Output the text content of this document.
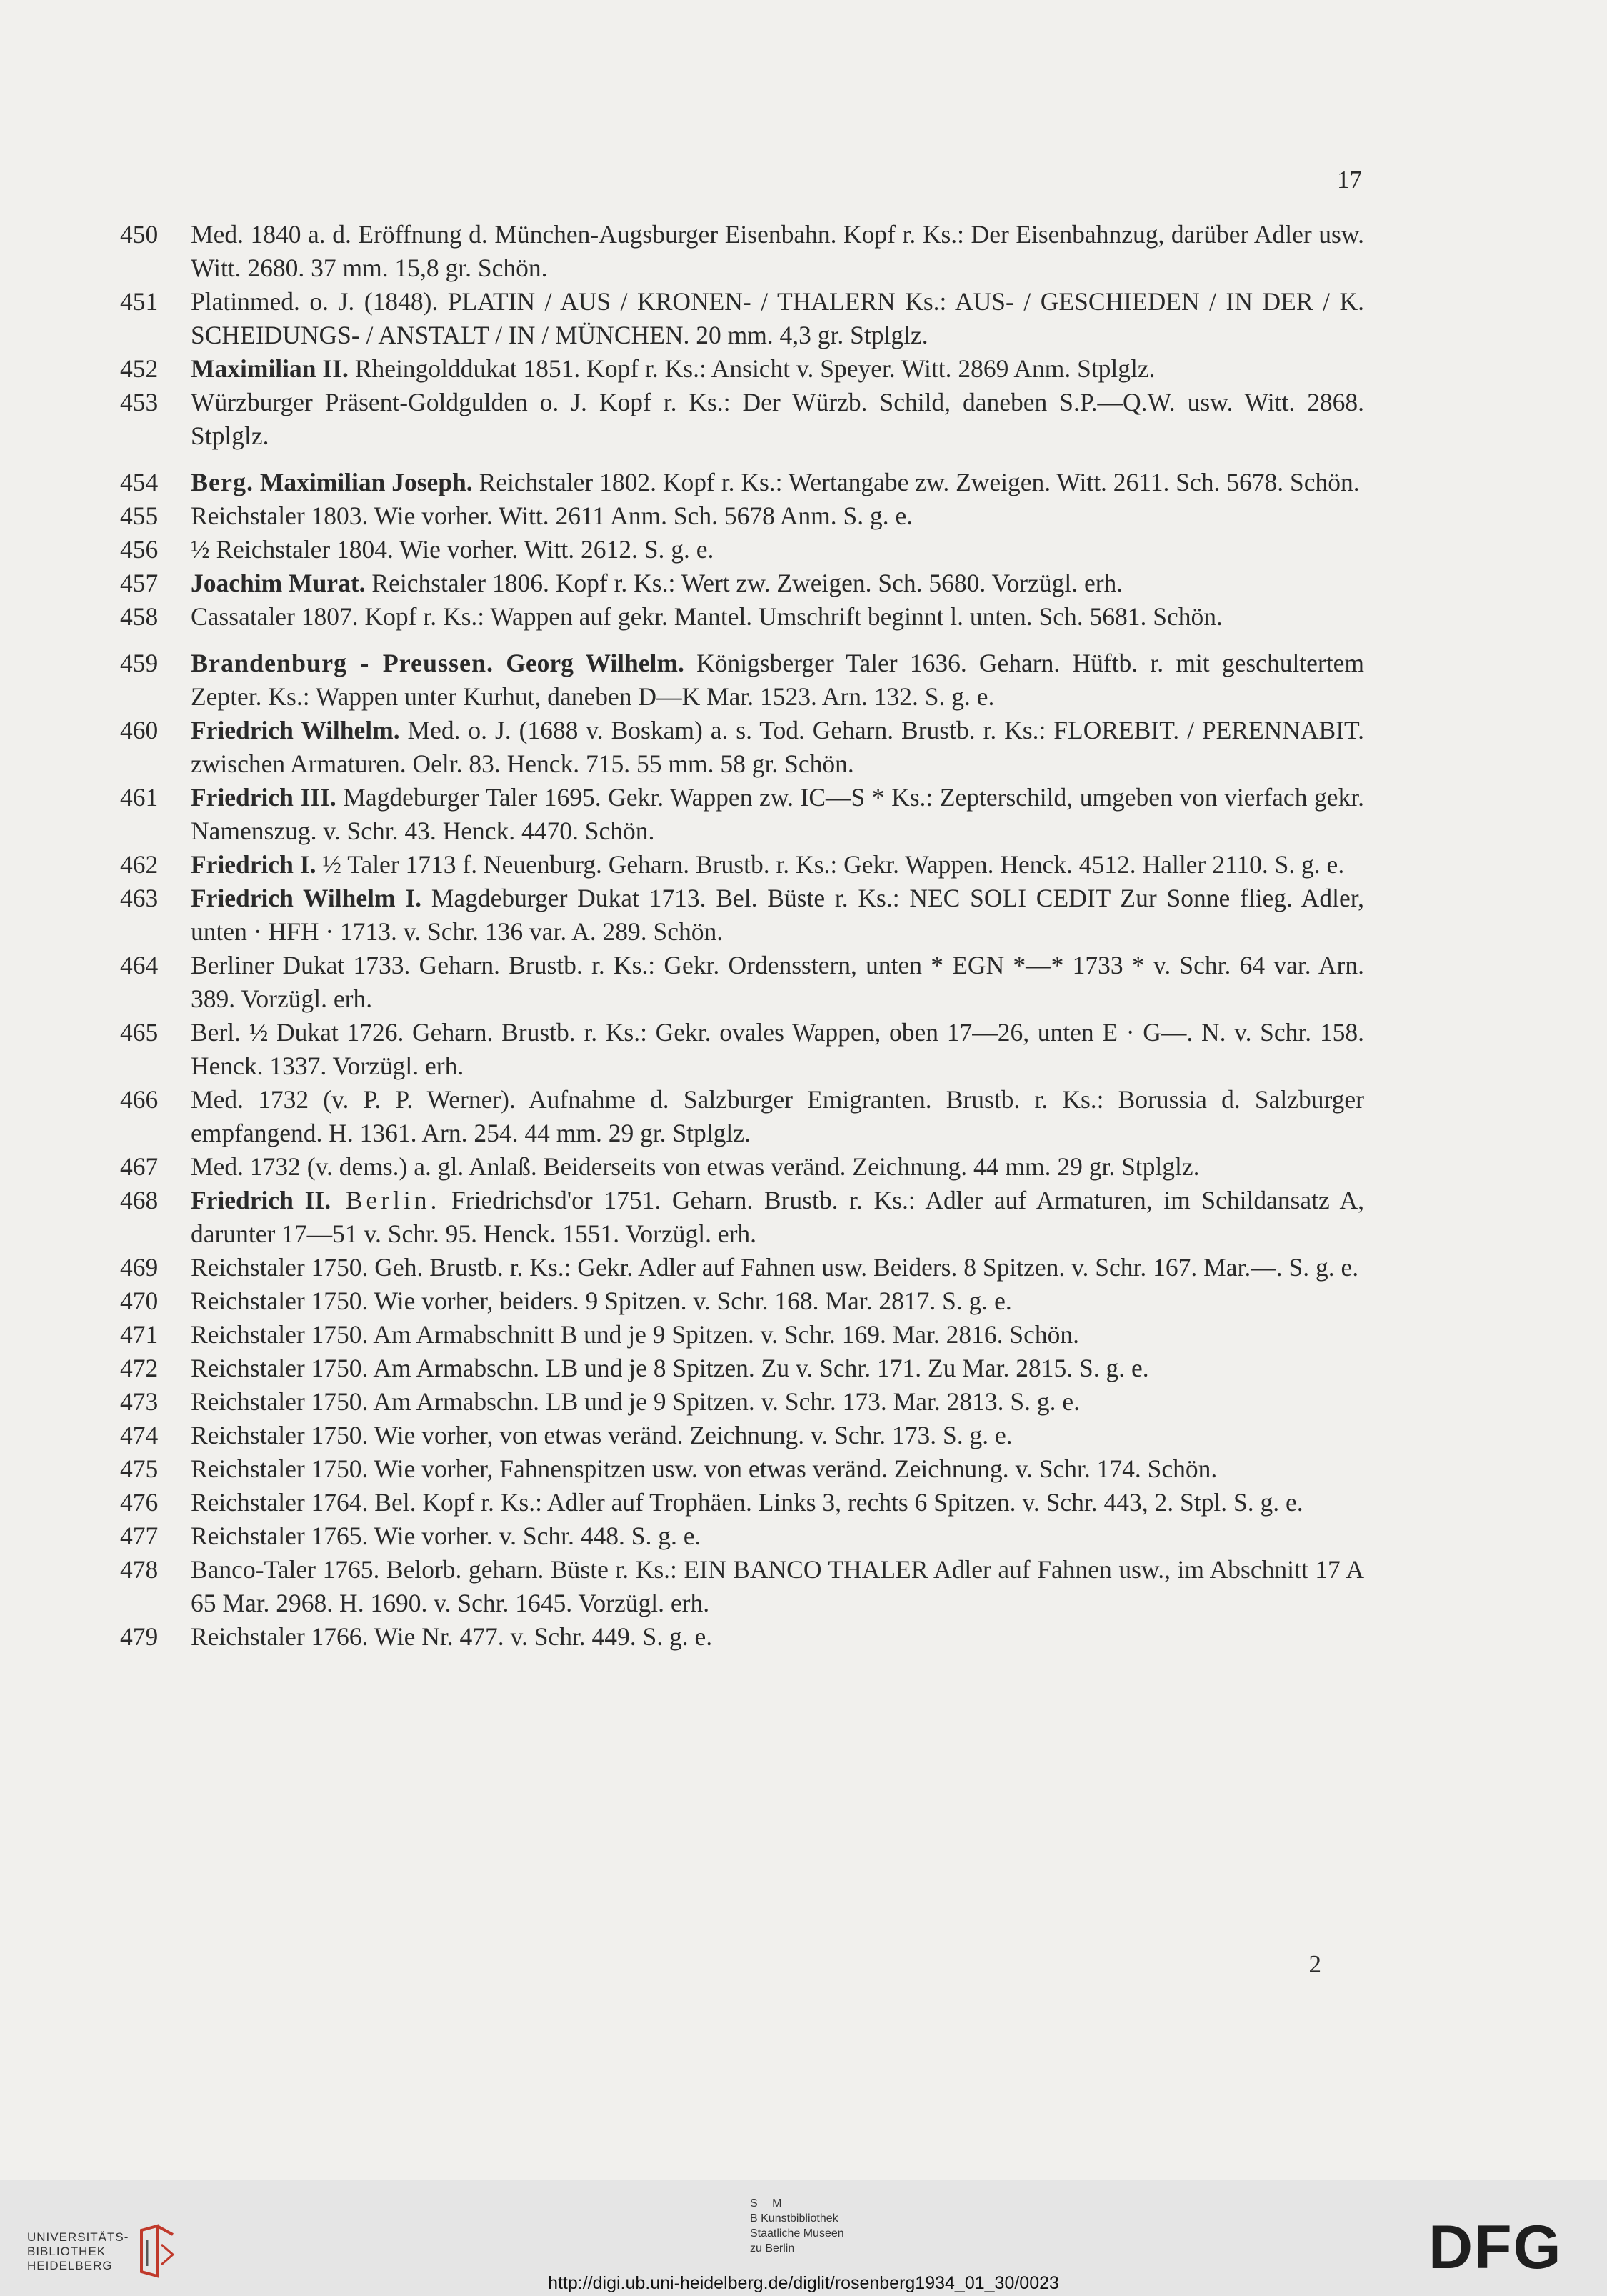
17
450	Med. 1840 a. d. Eröffnung d. München-Augsburger Eisenbahn. Kopf r. Ks.: Der Eisenbahnzug, darüber Adler usw. Witt. 2680. 37 mm. 15,8 gr. Schön.
451	Platinmed. o. J. (1848). PLATIN / AUS / KRONEN- / THALERN Ks.: AUS- / GESCHIEDEN / IN DER / K. SCHEIDUNGS- / ANSTALT / IN / MÜNCHEN. 20 mm. 4,3 gr. Stplglz.
452	Maximilian II. Rheingolddukat 1851. Kopf r. Ks.: Ansicht v. Speyer. Witt. 2869 Anm. Stplglz.
453	Würzburger Präsent-Goldgulden o. J. Kopf r. Ks.: Der Würzb. Schild, daneben S.P.—Q.W. usw. Witt. 2868. Stplglz.
454	Berg. Maximilian Joseph. Reichstaler 1802. Kopf r. Ks.: Wertangabe zw. Zweigen. Witt. 2611. Sch. 5678. Schön.
455	Reichstaler 1803. Wie vorher. Witt. 2611 Anm. Sch. 5678 Anm. S. g. e.
456	½ Reichstaler 1804. Wie vorher. Witt. 2612. S. g. e.
457	Joachim Murat. Reichstaler 1806. Kopf r. Ks.: Wert zw. Zweigen. Sch. 5680. Vorzügl. erh.
458	Cassataler 1807. Kopf r. Ks.: Wappen auf gekr. Mantel. Umschrift beginnt l. unten. Sch. 5681. Schön.
459	Brandenburg - Preussen. Georg Wilhelm. Königsberger Taler 1636. Geharn. Hüftb. r. mit geschultertem Zepter. Ks.: Wappen unter Kurhut, daneben D—K Mar. 1523. Arn. 132. S. g. e.
460	Friedrich Wilhelm. Med. o. J. (1688 v. Boskam) a. s. Tod. Geharn. Brustb. r. Ks.: FLOREBIT. / PERENNABIT. zwischen Armaturen. Oelr. 83. Henck. 715. 55 mm. 58 gr. Schön.
461	Friedrich III. Magdeburger Taler 1695. Gekr. Wappen zw. IC—S * Ks.: Zepterschild, umgeben von vierfach gekr. Namenszug. v. Schr. 43. Henck. 4470. Schön.
462	Friedrich I. ½ Taler 1713 f. Neuenburg. Geharn. Brustb. r. Ks.: Gekr. Wappen. Henck. 4512. Haller 2110. S. g. e.
463	Friedrich Wilhelm I. Magdeburger Dukat 1713. Bel. Büste r. Ks.: NEC SOLI CEDIT Zur Sonne flieg. Adler, unten · HFH · 1713. v. Schr. 136 var. A. 289. Schön.
464	Berliner Dukat 1733. Geharn. Brustb. r. Ks.: Gekr. Ordensstern, unten * EGN *—* 1733 * v. Schr. 64 var. Arn. 389. Vorzügl. erh.
465	Berl. ½ Dukat 1726. Geharn. Brustb. r. Ks.: Gekr. ovales Wappen, oben 17—26, unten E · G—. N. v. Schr. 158. Henck. 1337. Vorzügl. erh.
466	Med. 1732 (v. P. P. Werner). Aufnahme d. Salzburger Emigranten. Brustb. r. Ks.: Borussia d. Salzburger empfangend. H. 1361. Arn. 254. 44 mm. 29 gr. Stplglz.
467	Med. 1732 (v. dems.) a. gl. Anlaß. Beiderseits von etwas veränd. Zeichnung. 44 mm. 29 gr. Stplglz.
468	Friedrich II. Berlin. Friedrichsd'or 1751. Geharn. Brustb. r. Ks.: Adler auf Armaturen, im Schildansatz A, darunter 17—51 v. Schr. 95. Henck. 1551. Vorzügl. erh.
469	Reichstaler 1750. Geh. Brustb. r. Ks.: Gekr. Adler auf Fahnen usw. Beiders. 8 Spitzen. v. Schr. 167. Mar.—. S. g. e.
470	Reichstaler 1750. Wie vorher, beiders. 9 Spitzen. v. Schr. 168. Mar. 2817. S. g. e.
471	Reichstaler 1750. Am Armabschnitt B und je 9 Spitzen. v. Schr. 169. Mar. 2816. Schön.
472	Reichstaler 1750. Am Armabschn. LB und je 8 Spitzen. Zu v. Schr. 171. Zu Mar. 2815. S. g. e.
473	Reichstaler 1750. Am Armabschn. LB und je 9 Spitzen. v. Schr. 173. Mar. 2813. S. g. e.
474	Reichstaler 1750. Wie vorher, von etwas veränd. Zeichnung. v. Schr. 173. S. g. e.
475	Reichstaler 1750. Wie vorher, Fahnenspitzen usw. von etwas veränd. Zeichnung. v. Schr. 174. Schön.
476	Reichstaler 1764. Bel. Kopf r. Ks.: Adler auf Trophäen. Links 3, rechts 6 Spitzen. v. Schr. 443, 2. Stpl. S. g. e.
477	Reichstaler 1765. Wie vorher. v. Schr. 448. S. g. e.
478	Banco-Taler 1765. Belorb. geharn. Büste r. Ks.: EIN BANCO THALER Adler auf Fahnen usw., im Abschnitt 17 A 65 Mar. 2968. H. 1690. v. Schr. 1645. Vorzügl. erh.
479	Reichstaler 1766. Wie Nr. 477. v. Schr. 449. S. g. e.
2
UNIVERSITÄTS-
BIBLIOTHEK
HEIDELBERG
S M
B Kunstbibliothek
Staatliche Museen
zu Berlin	DFG
http://digi.ub.uni-heidelberg.de/diglit/rosenberg1934_01_30/0023
